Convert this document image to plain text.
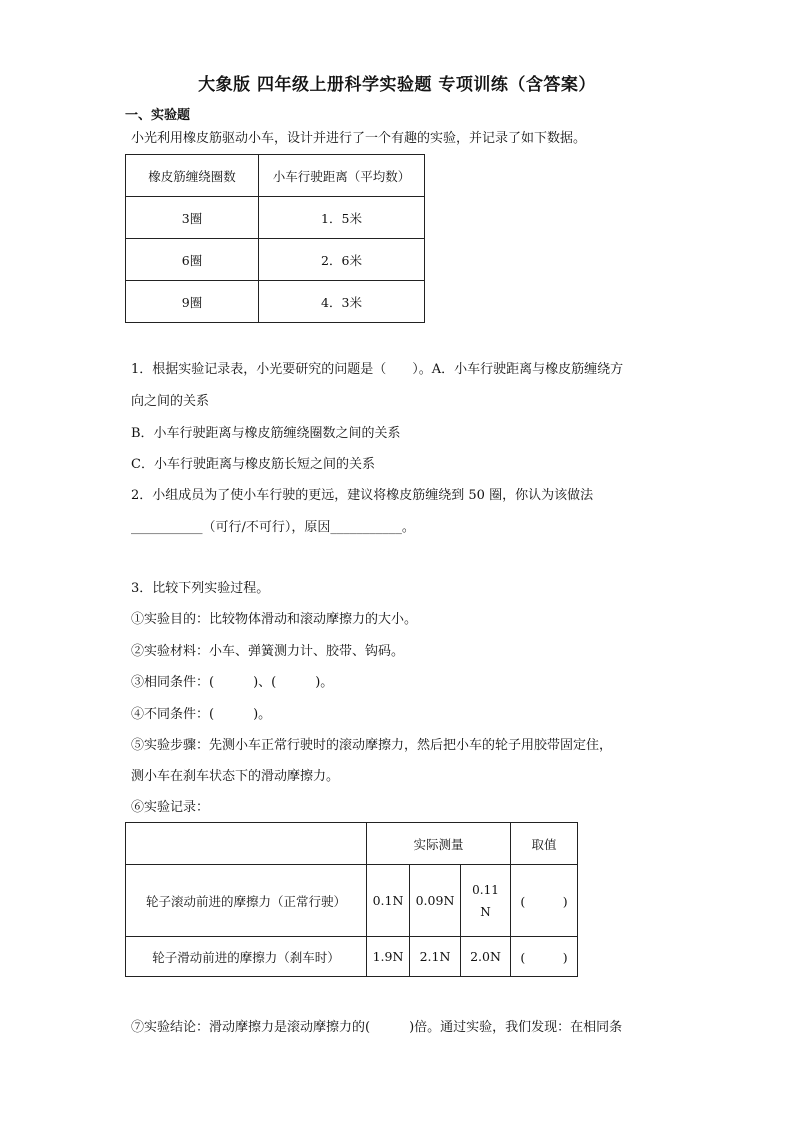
大象版 四年级上册科学实验题 专项训练（含答案）
一、实验题
小光利用橡皮筋驱动小车，设计并进行了一个有趣的实验，并记录了如下数据。
橡皮筋缠绕圈数	小车行驶距离（平均数）
3圈	1．5米
6圈	2．6米
9圈	4．3米
1．根据实验记录表，小光要研究的问题是（　　）。A．小车行驶距离与橡皮筋缠绕方
向之间的关系
B．小车行驶距离与橡皮筋缠绕圈数之间的关系
C．小车行驶距离与橡皮筋长短之间的关系
2．小组成员为了使小车行驶的更远，建议将橡皮筋缠绕到 50 圈，你认为该做法
___________（可行/不可行），原因___________。
3．比较下列实验过程。
①实验目的：比较物体滑动和滚动摩擦力的大小。
②实验材料：小车、弹簧测力计、胶带、钩码。
③相同条件：(　　　)、(　　　)。
④不同条件：(　　　)。
⑤实验步骤：先测小车正常行驶时的滚动摩擦力，然后把小车的轮子用胶带固定住，
测小车在刹车状态下的滑动摩擦力。
⑥实验记录：
	实际测量			取值
轮子滚动前进的摩擦力（正常行驶）	0.1N	0.09N	0.11
N	(　　　)
轮子滑动前进的摩擦力（刹车时）	1.9N	2.1N	2.0N	(　　　)
⑦实验结论：滑动摩擦力是滚动摩擦力的(　　　)倍。通过实验，我们发现：在相同条
